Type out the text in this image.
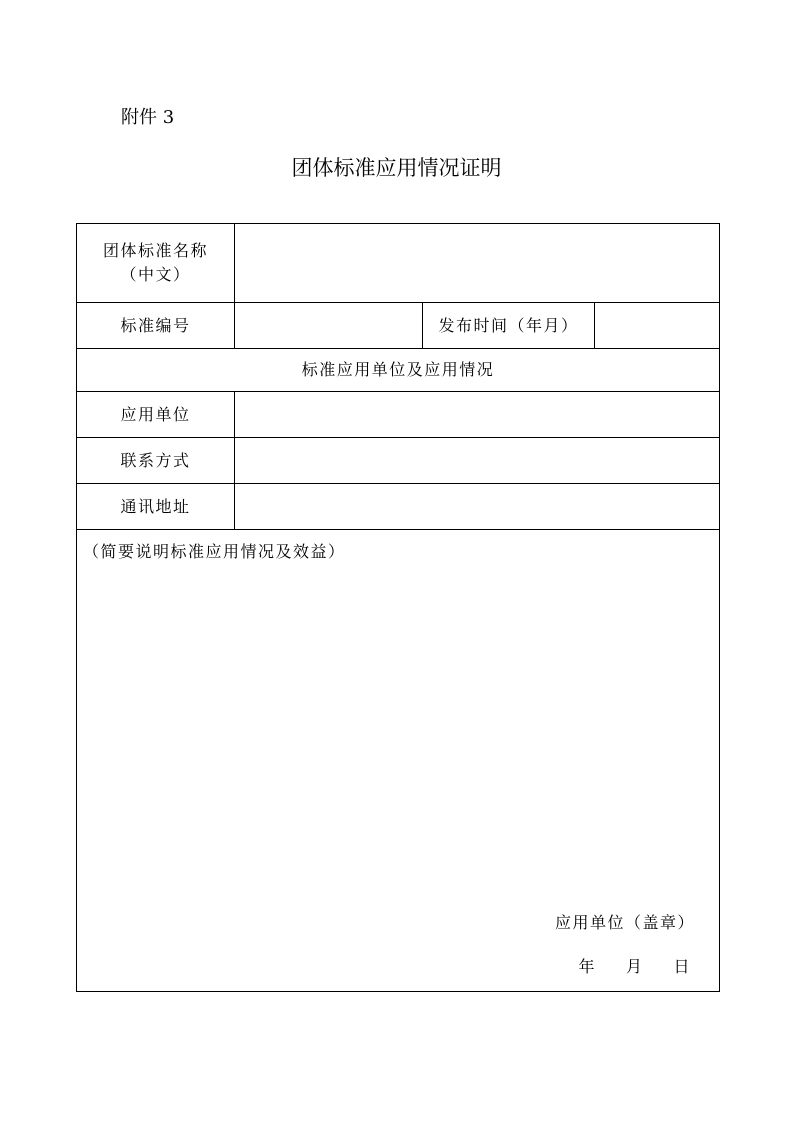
附件 3
团体标准应用情况证明
团体标准名称
（中文）			

标准编号		发布时间（年月）	
标准应用单位及应用情况			
应用单位			
联系方式			
通讯地址			

（简要说明标准应用情况及效益）
应用单位（盖章）
年 月 日			
